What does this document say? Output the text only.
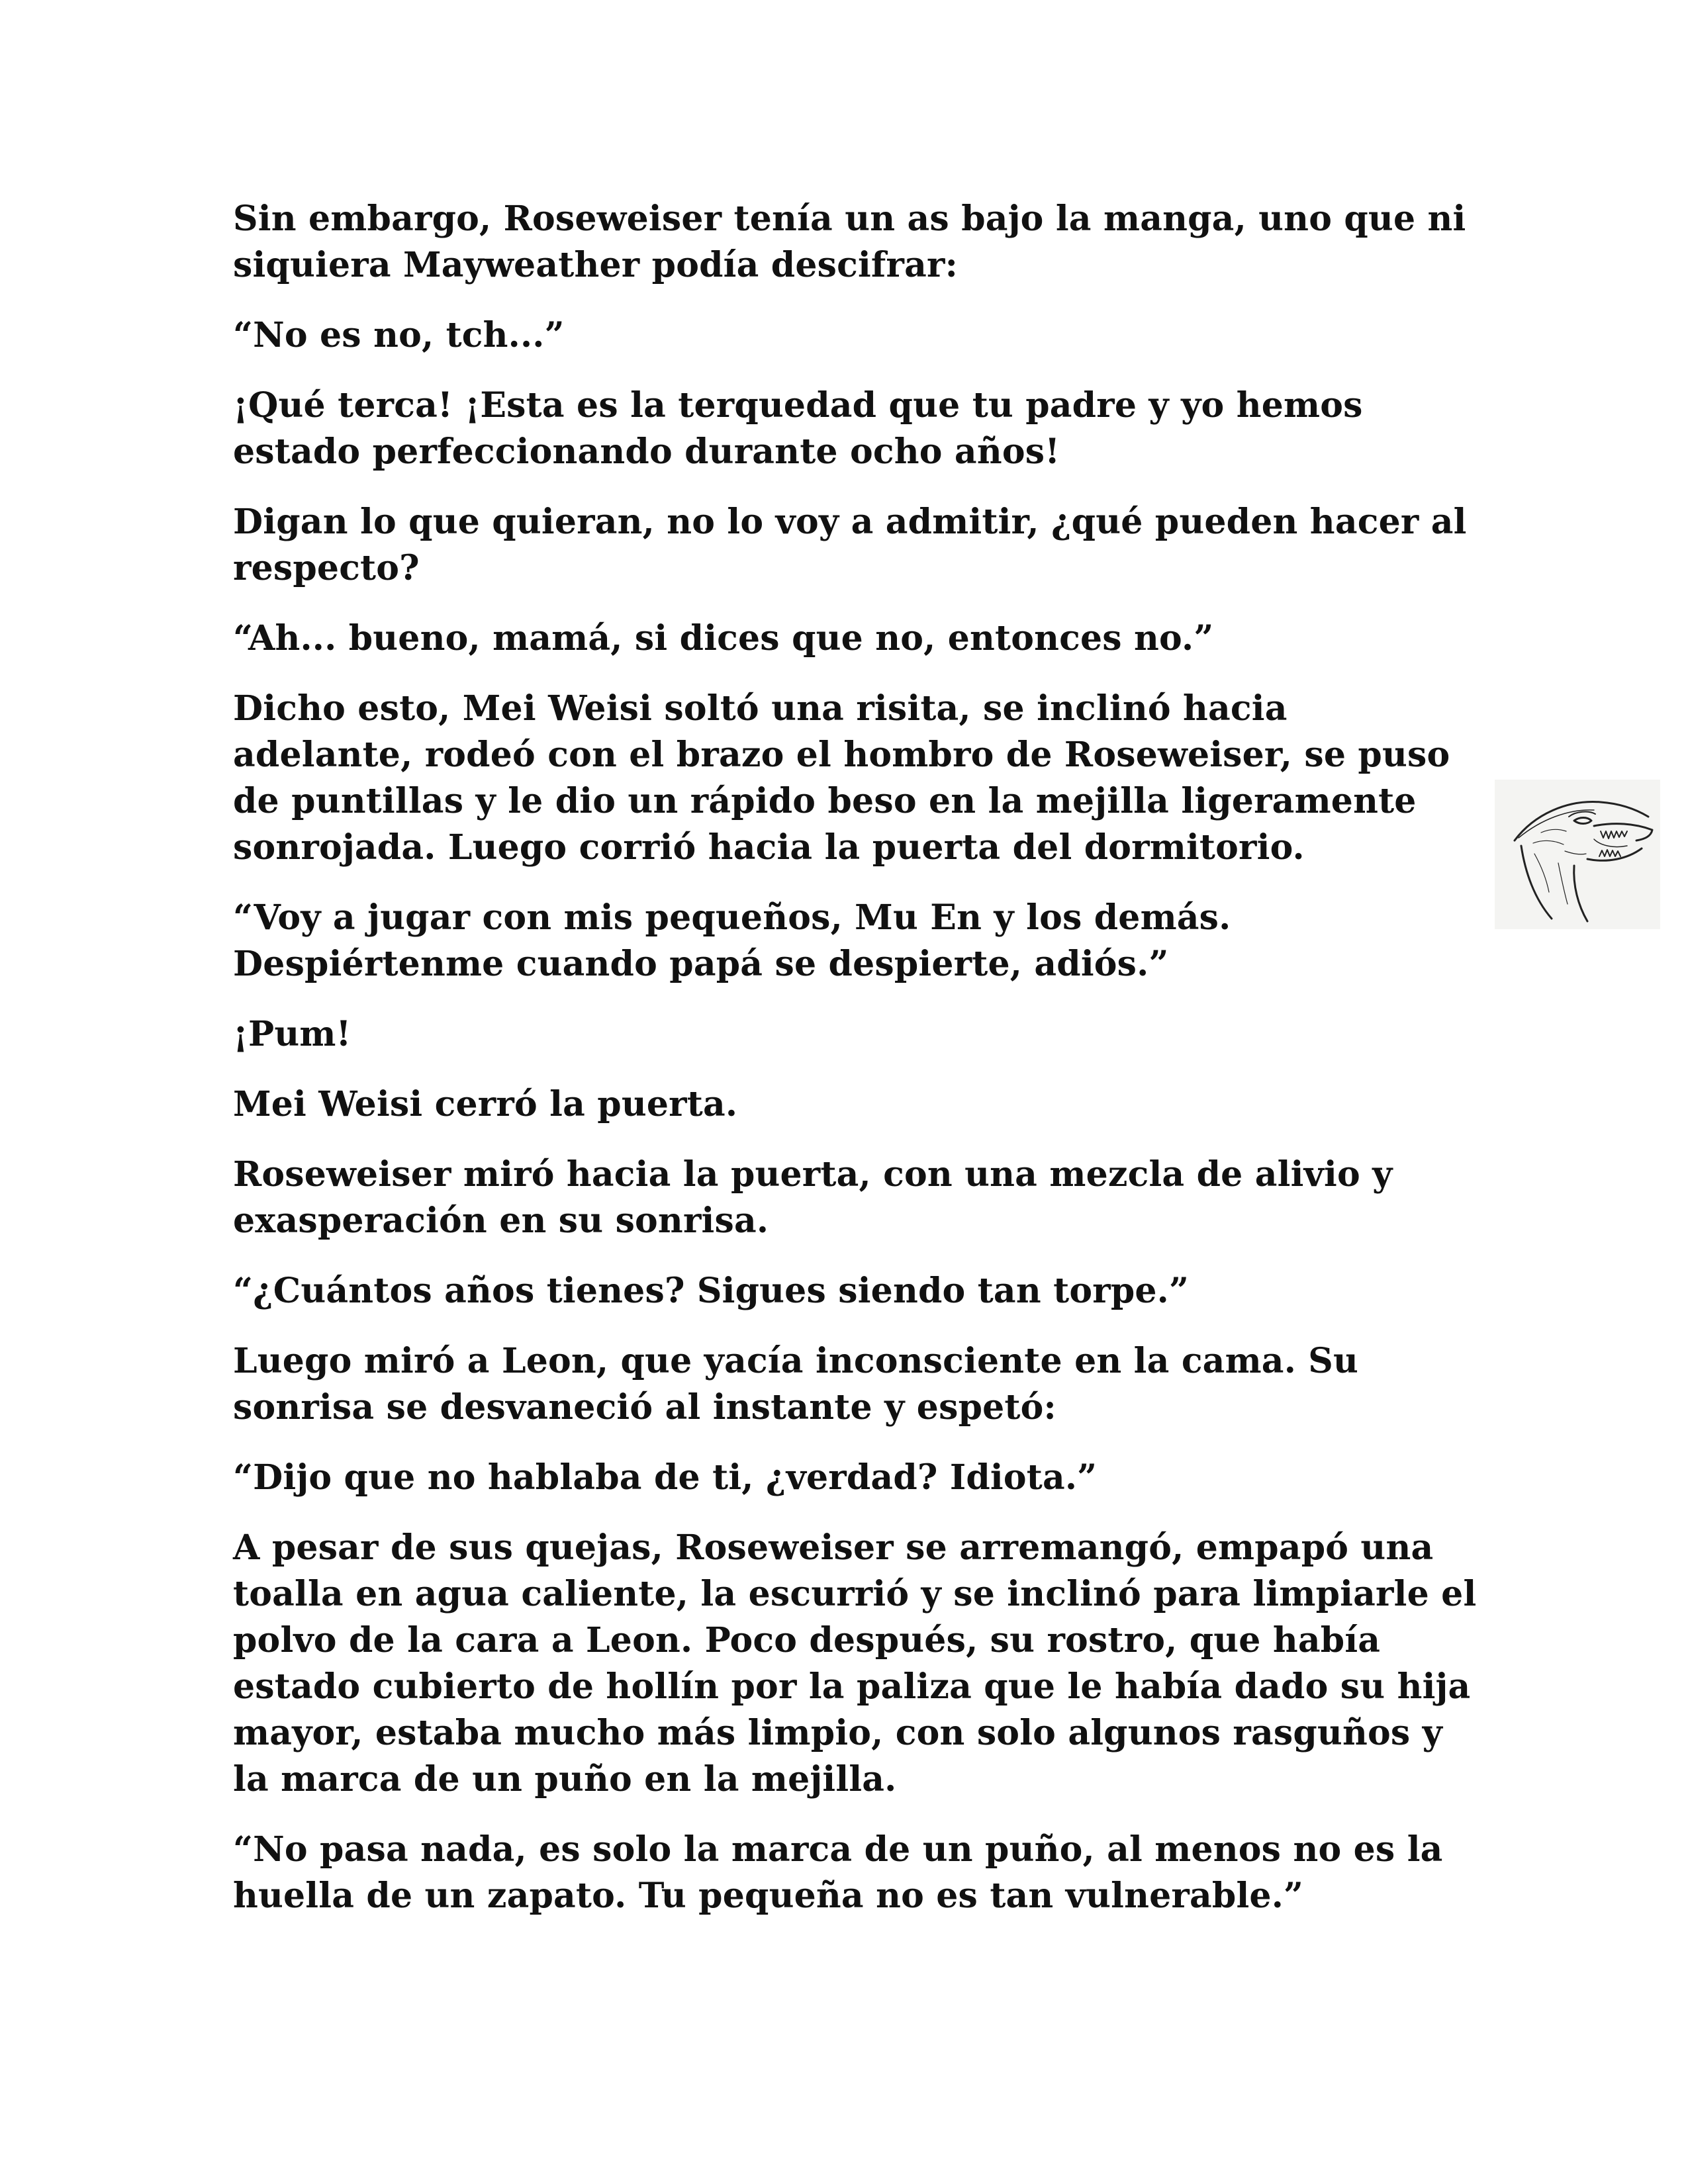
Sin embargo, Roseweiser tenía un as bajo la manga, uno que ni siquiera Mayweather podía descifrar:

“No es no, tch...”

¡Qué terca! ¡Esta es la terquedad que tu padre y yo hemos estado perfeccionando durante ocho años!

Digan lo que quieran, no lo voy a admitir, ¿qué pueden hacer al respecto?

“Ah... bueno, mamá, si dices que no, entonces no.”

Dicho esto, Mei Weisi soltó una risita, se inclinó hacia adelante, rodeó con el brazo el hombro de Roseweiser, se puso de puntillas y le dio un rápido beso en la mejilla ligeramente sonrojada. Luego corrió hacia la puerta del dormitorio.

“Voy a jugar con mis pequeños, Mu En y los demás. Despiértenme cuando papá se despierte, adiós.”

¡Pum!

Mei Weisi cerró la puerta.

Roseweiser miró hacia la puerta, con una mezcla de alivio y exasperación en su sonrisa.

“¿Cuántos años tienes? Sigues siendo tan torpe.”

Luego miró a Leon, que yacía inconsciente en la cama. Su sonrisa se desvaneció al instante y espetó:

“Dijo que no hablaba de ti, ¿verdad? Idiota.”

A pesar de sus quejas, Roseweiser se arremangó, empapó una toalla en agua caliente, la escurrió y se inclinó para limpiarle el polvo de la cara a Leon. Poco después, su rostro, que había estado cubierto de hollín por la paliza que le había dado su hija mayor, estaba mucho más limpio, con solo algunos rasguños y la marca de un puño en la mejilla.

“No pasa nada, es solo la marca de un puño, al menos no es la huella de un zapato. Tu pequeña no es tan vulnerable.”
